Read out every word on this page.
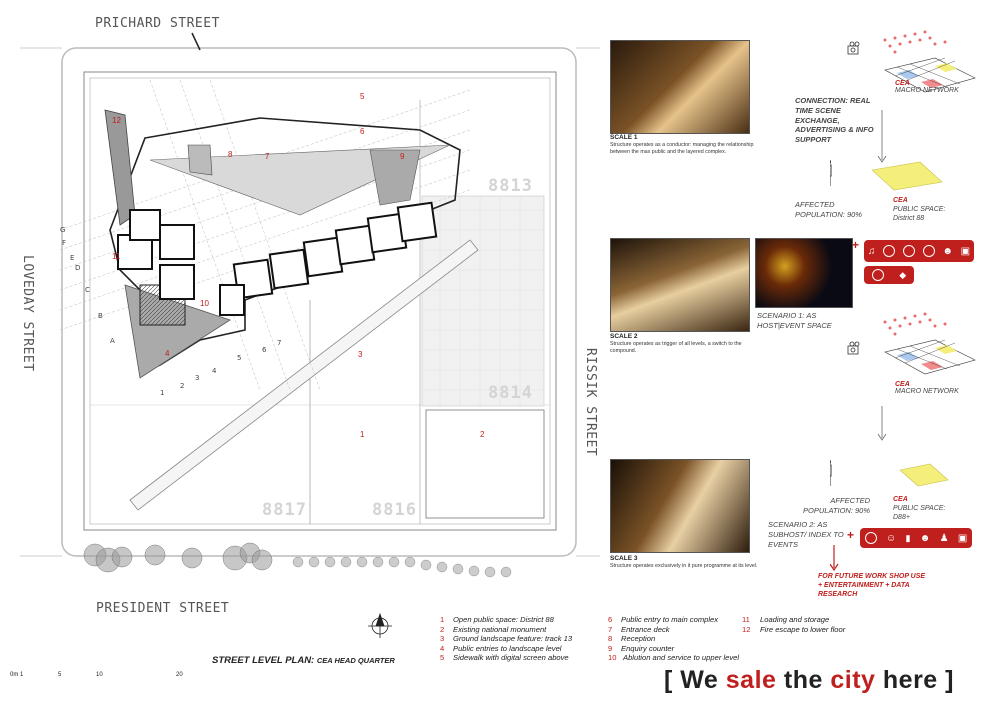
PRICHARD STREET
LOVEDAY STREET
RISSIK STREET
PRESIDENT STREET
G
F
E
D
C
B
A
1
2
3
4
5
6
7
8813
8814
8817	8816
1	2
3
4
5
6
7
8	9
10
11
12
0m 1	5	10	20
STREET LEVEL PLAN: CEA HEAD QUARTER
SCALE 1
Structure operates as a conductor: managing the relationship between the max public and the layered complex.
SCALE 2
Structure operates as trigger of all levels, a switch to the compound.
SCALE 3
Structure operates exclusively in it pure programme at its level.
CONNECTION: REAL TIME SCENE EXCHANGE, ADVERTISING & INFO SUPPORT
CEA
MACRO NETWORK
AFFECTED POPULATION: 90%
CEA
PUBLIC SPACE:
District 88
+ ♫	☻ ▣
◆
SCENARIO 1: AS HOST|EVENT SPACE
CEA
MACRO NETWORK
AFFECTED POPULATION: 90%
CEA
PUBLIC SPACE:
D88+
SCENARIO 2: AS SUBHOST/ INDEX TO EVENTS
+	☺ ▮ ☻ ♟ ▣
FOR FUTURE WORK SHOP USE + ENTERTAINMENT + DATA RESEARCH
1 Open public space: District 88
2 Existing national monument
3 Ground landscape feature: track 13
4 Public entries to landscape level
5 Sidewalk with digital screen above
6 Public entry to main complex
7 Entrance deck
8 Reception
9 Enquiry counter
10 Ablution and service to upper level
11 Loading and storage
12 Fire escape to lower floor
[ We sale the city here ]
